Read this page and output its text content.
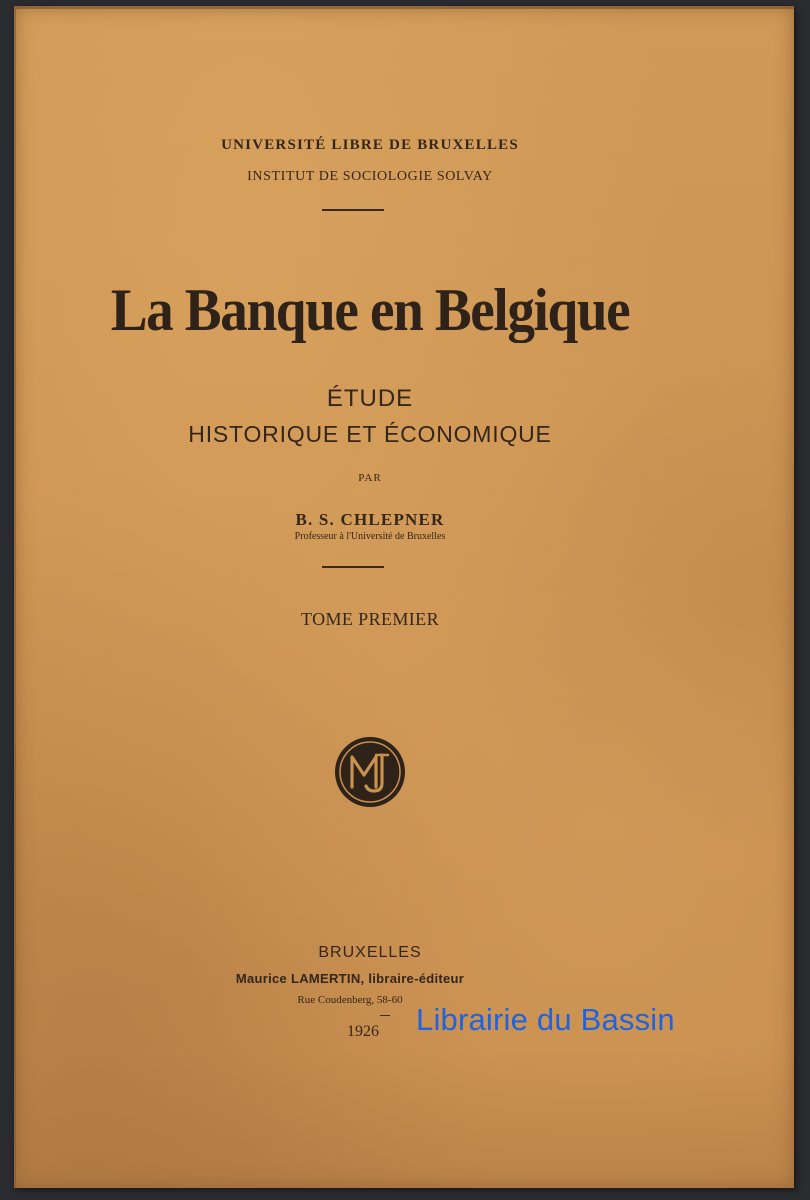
UNIVERSITÉ LIBRE DE BRUXELLES
INSTITUT DE SOCIOLOGIE SOLVAY
La Banque en Belgique
ÉTUDE
HISTORIQUE ET ÉCONOMIQUE
PAR
B. S. CHLEPNER
Professeur à l'Université de Bruxelles
TOME PREMIER
BRUXELLES
Maurice LAMERTIN, libraire-éditeur
Rue Coudenberg, 58-60
1926	Librairie du Bassin
